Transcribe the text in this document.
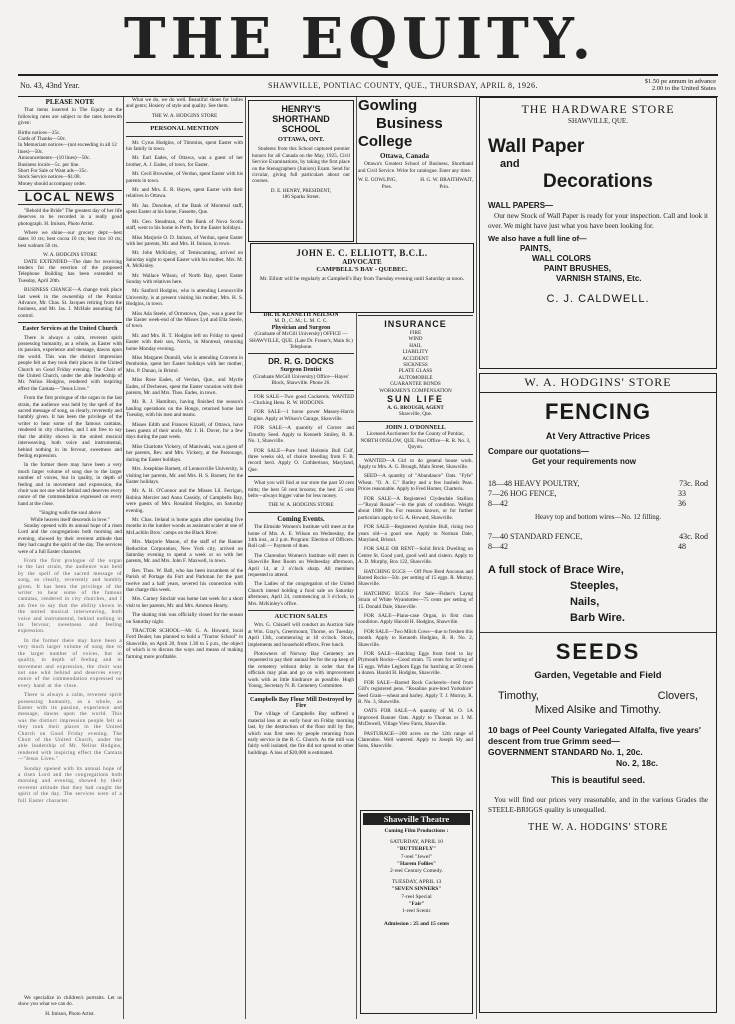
THE EQUITY.
No. 43, 43nd Year.	SHAWVILLE, PONTIAC COUNTY, QUE., THURSDAY, APRIL 8, 1926.	$1.50 pe annum in advance
2.00 to the United States
PLEASE NOTE

That items inserted in The Equity at the following rates are subject to the rates herewith given:

Births notices—25c.
Cards of Thanks—50c.
In Memoriam notices—(not exceeding in all 12 lines)—50c.
Announcements—(10 lines)—50c.
Business locals—5c. per line.
Short For Sale or Want ads—35c.
Stock Service notices—$1.00.
Money should accompany order.
LOCAL NEWS

"Behold the Bride" The greatest day of her life deserves to be recorded in a really good photograph. H. Imison, Photo Artist.

Where we shine—our grocery dept:—best dates 10 cts; best cocoa 10 cts; best rice 10 cts; best walnuts 50 cts.

W. A. HODGINS STORE

DATE EXTENDED—The date for receiving tenders for the erection of the proposed Telephone Building has been extended to Tuesday, April 20th.

BUSINESS CHANGE—A change took place last week in the ownership of the Pontiac Advance, Mr. Chas. St. Jacques retiring from the business, and Mr. Jas. J. McHale assuming full control.

Easter Services at the United Church

There is always a calm, reverent spirit possessing humanity, as a whole, as Easter with its passion, experience and message, dawns upon the world. This was the distinct impression people felt as they took their places in the United Church on Good Friday evening. The Choir of the United Church, under the able leadership of Mr. Nelius Hodgins, rendered with inspiring effect the Cantata—"Jesus Lives."

From the first prologue of the organ to the last strain, the audience was held by the spell of the sacred message of song, so clearly, reverently and humbly given. It has been the privilege of the writer to hear some of the famous cantatas, rendered in city churches, and I am free to say that the ability shown in the united musical interweaving, both voice and instrumental, behind nothing in its fervour, sweetness and feeling expression.

In the former there may have been a very much larger volume of song due to the larger number of voices, but in quality, in depth of feeling and in movement and expression, the choir was not one whit behind and deserves every ounce of the commendation expressed on every hand at the close.

"Singing walls the soul above
While heaven itself descends in love."

Sunday opened with its annual hope of a risen Lord and the congregations both morning and evening, showed by their reverent attitude that they had caught the spirit of the day. The services were of a full Easter character.

From the first prologue of the organ to the last strain, the audience was held by the spell of the sacred message of song, so clearly, reverently and humbly given. It has been the privilege of the writer to hear some of the famous cantatas, rendered in city churches, and I am free to say that the ability shown in the united musical interweaving, both voice and instrumental, behind nothing in its fervour, sweetness and feeling expression.

In the former there may have been a very much larger volume of song due to the larger number of voices, but in quality, in depth of feeling and in movement and expression, the choir was not one whit behind and deserves every ounce of the commendation expressed on every hand at the close.

There is always a calm, reverent spirit possessing humanity, as a whole, as Easter with its passion, experience and message, dawns upon the world. This was the distinct impression people felt as they took their places in the United Church on Good Friday evening. The Choir of the United Church, under the able leadership of Mr. Nelius Hodgins, rendered with inspiring effect the Cantata—"Jesus Lives."

Sunday opened with its annual hope of a risen Lord and the congregations both morning and evening, showed by their reverent attitude that they had caught the spirit of the day. The services were of a full Easter character.

We specialize in children's portraits. Let us show you what we can do.

H. Imison, Photo Artist.

What we do, we do well. Beautiful shoes for ladies and gents; Hosiery of style and quality. See them.

THE W. A. HODGINS STORE
PERSONAL MENTION

Mr. Cyrus Hodgins, of Timmins, spent Easter with his family in town.

Mr. Earl Eades, of Ottawa, was a guest of her brother, A. J. Eades, of town, for Easter.

Mr. Cecil Brownlee, of Verdun, spent Easter with his parents in town.

Mr. and Mrs. E. R. Hayes, spent Easter with their relatives in Ottawa.

Mr. Jas. Donohue, of the Bank of Montreal staff, spent Easter at his home, Fassette, Que.

Mr. Geo. Steadman, of the Bank of Nova Scotia staff, went to his home in Perth, for the Easter holidays.

Miss Marjorie O. D. Imison, of Verdun, spent Easter with her parents, Mr. and Mrs. H. Imison, in town.

Mr. John McKinley, of Temiscaming, arrived on Saturday night to spend Easter with his mother, Mrs. M. A. McKinley.

Mr. Wallace Wilson, of North Bay, spent Easter Sunday with relatives here.

Mr. Sanford Hodgins, who is attending Lennoxville University, is at present visiting his mother, Mrs. H. S. Hodgins, in town.

Miss Ada Steele, of Ormstown, Que., was a guest for the Easter week-end of the Misses Lyd and Ella Steele, of town.

Mr. and Mrs. R. T. Hodgins left on Friday to spend Easter with their son, Norris, in Montreal, returning home Monday evening.

Miss Margaret Dunnill, who is attending Convent in Pembroke, spent her Easter holidays with her mother, Mrs. P. Dunan, in Bristol.

Miss Rose Eades, of Verdun, Que., and Myrtle Eades, of Dechenes, spent the Easter vacation with their parents, Mr. and Mrs. Thos. Eades, in town.

Mr. R. J. Hamilton, having finished the season's hauling operations on the Hongo, returned home last Tuesday, with his men and teams.

Misses Edith and Frances Kizzell, of Ottawa, have been guests of their uncle, Mr. J. H. Dover, for a few days during the past week.

Miss Charlotte Vickery, of Maniwaki, was a guest of her parents, Rev. and Mrs. Vickery, at the Parsonage, during the Easter holidays.

Mrs. Josephine Barnett, of Lennoxville University, is visiting her parents, Mr. and Mrs. H. S. Barnett, for the Easter holidays.

Mr. A. H. O'Connor and the Misses Lil. Ferrigan, Robina Mercier and Anna Cassidy, of Campbells Bay, were guests of Mrs. Rosalind Hodgins, on Saturday evening.

Mr. Chas. Ireland is home again after spending five months in the lumber woods as assistant scaler at one of McLachlin Bros.' camps on the Black River.

Mrs. Marjorie Mason, of the staff of the Banner Reduction Corporation, New York city, arrived on Saturday evening to spend a week or so with her parents, Mr. and Mrs. John F. Maxwell, in town.

Rev. Thos. W. Ball, who has been incumbent of the Parish of Portage du Fort and Parkman for the past twelve and a half years, severed his connection with that charge this week.

Mrs. Carney Sinclair was home last week for a short visit to her parents, Mr. and Mrs. Ammon Hearty.

The skating rink was officially closed for the season on Saturday night.

TRACTOR SCHOOL—Mr. G. A. Howard, local Ford Dealer, has planned to hold a "Tractor School" in Shawville, on April 20, from 1.30 to 5 p.m., the object of which is to discuss the ways and means of making farming more profitable.

HENRY'S
SHORTHAND SCHOOL
OTTAWA, ONT.

Students from this School captured premier honors for all Canada on the May, 1925, Civil Service Examinations, by taking the first place on the Stenographers (Juniors) Exam. Send for circular, giving full particulars about our courses.

D. E. HENRY, PRESIDENT,
186 Sparks Street.
JOHN E. C. ELLIOTT, B.C.L.
ADVOCATE
CAMPBELL'S BAY - QUEBEC.
Mr. Elliott will be regularly at Campbell's Bay from Tuesday evening until Saturday at noon.
DR. H. KENNETH NEILSON
M. D., C. M.; L. M. C. C.
Physician and Surgeon
(Graduate of McGill University) OFFICE — SHAWVILLE, QUE. (Late Dr. Fraser's, Main St.) Telephone.
DR. R. G. DOCKS
Surgeon Dentist
(Graduate McGill University) Office—Hayes' Block, Shawville. Phone 26.

FOR SALE—Two good Cockerels. WANTED—Clucking Hens. R. W. HODGINS.

FOR SALE—1 horse power Massey-Harris Engine. Apply at Wilson's Garage, Shawville.

FOR SALE—A quantity of Corner and Timothy Seed. Apply to Kenneth Smiley, R. R. No. 1, Shawville.

FOR SALE—Pure bred Holstein Bull Calf, three weeks old, of choice breeding from F. B. record herd. Apply O. Cuthbertson, Maryland, Que.

What you will find at our store the past 50 cent mitts; the best 50 cent brooms; the best 25 cent belts—always bigger value for less money.

THE W. A. HODGINS STORE
Coming Events.

The Elmside Women's Institute will meet at the home of Mrs. A. E. Wilson on Wednesday, the 14th inst., at 2 p.m. Program: Election of Officers. Roll call — Payment of dues.

The Clarendon Women's Institute will meet in Shawville Rest Room on Wednesday afternoon, April 14, at 2 o'clock sharp. All members requested to attend.

The Ladies of the congregation of the United Church intend holding a food sale on Saturday afternoon, April 24, commencing at 3 o'clock, in Mrs. McKinley's office.

AUCTION SALES

Wm. G. Chisnell will conduct an Auction Sale at Wm. Gray's, Greermount, Thorne, on Tuesday, April 13th, commencing at 10 o'clock. Stock, implements and household effects. Free lunch.

Plotowners of Norway Bay Cemetery are requested to pay their annual fee for the up keep of the cemetery without delay in order that the officials may plan and go on with improvement work with as little hindrance as possible. Hugh Young, Secretary N. B. Cemetery Committee.

Campbells Bay Flour Mill Destroyed by Fire

The village of Campbells Bay suffered a material loss at an early hour on Friday morning last, by the destruction of the flour mill by fire, which was first seen by people returning from early service in the R. C. Church. As the mill was fairly well isolated, the fire did not spread to other buildings. A loss of $20,000 is estimated.

Gowling
Business
College
Ottawa, Canada

Ottawa's Greatest School of Business, Shorthand and Civil Service. Write for catalogue. Enter any time.

W. E. GOWLING,	H. G. W. BRAITHWAIT,
Pres.	Prin.
INSURANCE
FIRE
WIND
HAIL
LIABILITY
ACCIDENT
SICKNESS
PLATE GLASS
AUTOMOBILE
GUARANTEE BONDS
WORKMEN'S COMPENSATION
SUN LIFE
A. G. BROUGH, AGENT
Shawville, Que.
JOHN J. O'DONNELL
Licensed Auctioneer for the County of Pontiac, NORTH ONSLOW, QUE. Post Office—R. R. No. 3, Quyon.

WANTED—A Girl to do general house work. Apply to Mrs. A. G. Brough, Main Street, Shawville.

SEED—A quantity of "Abundance" Oats. "Fyfe" Wheat. "O. A. C." Barley and a few bushels Peas. Prices reasonable. Apply to Fred Homer, Charteris.

FOR SALE—A Registered Clydesdale Stallion—"Royal Rosaie"—in the pink of condition. Weight about 1800 lbs. For reasons known, or for further particulars apply to G. A. Howard, Shawville.

FOR SALE—Registered Ayrshire Bull, rising two years old—a good one. Apply to Norman Dale, Maryland, Bristol.

FOR SALE OR RENT—Solid Brick Dwelling on Centre St. Good yard, good well and cistern. Apply to A. D. Murphy, Box 122, Shawville.

HATCHING EGGS — Off Pure Bred Anconas and Barred Rocks—50c. per setting of 15 eggs. R. Murray, Shawville.

HATCHING EGGS For Sale—Fisher's Layng Strain of White Wyandottes—75 cents per setting of 15. Donald Dale, Shawville.

FOR SALE—Piano-case Organ, in first class condition. Apply Harold H. Hodgins, Shawville.

FOR SALE—Two Milch Cows—due to freshen this month. Apply to Kenneth Hodgins, R. R. No. 2, Shawville.

FOR SALE—Hatching Eggs from bred to lay Plymouth Rocks—Good strain. 75 cents for setting of 15 eggs. White Leghorn Eggs for hatching at 50 cents a dozen. Harold H. Hodgins, Shawville.

FOR SALE—Barred Rock Cockerels—bred from Gill's registered pens. "Rosaline pure-bred Yorkshire" Seed Grain—wheat and barley. Apply T. J. Murray, R. R. No. 3, Shawville.

OATS FOR SALE—A quantity of M. O. 1A Improved Banner Oats. Apply to Thomas or J. M. McDowell, Village View Farm, Shawville.

PASTURAGE—200 acres on the 12th range of Clarendon. Well watered. Apply to Joseph Sly and Sons, Shawville.

Shawville Theatre
Coming Film Productions :
SATURDAY, APRIL 10
"BUTTERFLY"
7-reel "Jewel"
"Harem Follies"
2-reel Century Comedy.
TUESDAY, APRIL 13
"SEVEN SINNERS"
7-reel Special
"Fair"
1-reel Scenic
Admission : 25 and 15 cents
THE HARDWARE STORE
SHAWVILLE, QUE.
Wall Paper
and
Decorations
WALL PAPERS—

Our new Stock of Wall Paper is ready for your inspection. Call and look it over. We might have just what you have been looking for.

We also have a full line of—
PAINTS,
WALL COLORS
PAINT BRUSHES,
VARNISH STAINS, Etc.
C. J. CALDWELL.
W. A. HODGINS' STORE
FENCING
At Very Attractive Prices
Compare our quotations—
Get your requirements now
18—48 HEAVY POULTRY,	73c. Rod
7—26 HOG FENCE,	33
8—42	36
Heavy top and bottom wires—No. 12 filling.
7—40 STANDARD FENCE,	43c. Rod
8—42	48
A full stock of Brace Wire,
Steeples,
Nails,
Barb Wire.
SEEDS
Garden, Vegetable and Field
Timothy,	Clovers,
Mixed Alsike and Timothy.
10 bags of Peel County Variegated Alfalfa, five years' descent from true Grimm seed—
GOVERNMENT STANDARD No. 1, 20c.
No. 2, 18c.
This is beautiful seed.

You will find our prices very reasonable, and in the various Grades the STEELE-BRIGGS quality is unequalled.

THE W. A. HODGINS' STORE
